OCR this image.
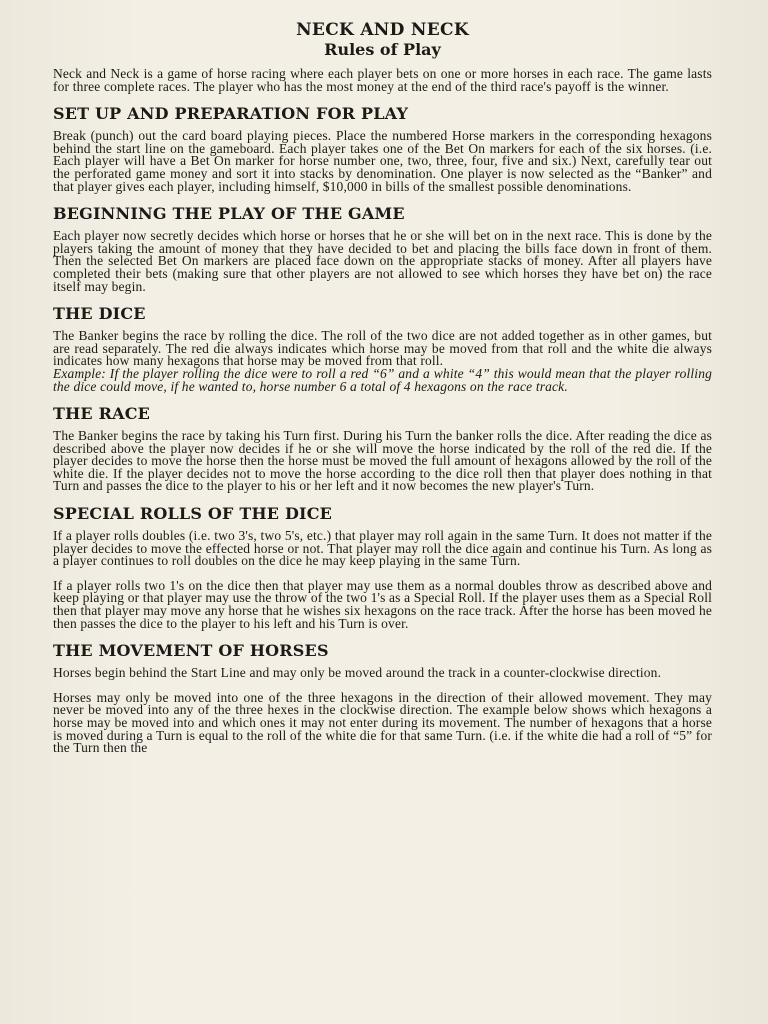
NECK AND NECK
Rules of Play

Neck and Neck is a game of horse racing where each player bets on one or more horses in each race. The game lasts for three complete races. The player who has the most money at the end of the third race's payoff is the winner.

SET UP AND PREPARATION FOR PLAY

Break (punch) out the card board playing pieces. Place the numbered Horse markers in the corresponding hexagons behind the start line on the gameboard. Each player takes one of the Bet On markers for each of the six horses. (i.e. Each player will have a Bet On marker for horse number one, two, three, four, five and six.) Next, carefully tear out the perforated game money and sort it into stacks by denomination. One player is now selected as the “Banker” and that player gives each player, including himself, $10,000 in bills of the smallest possible denominations.

BEGINNING THE PLAY OF THE GAME

Each player now secretly decides which horse or horses that he or she will bet on in the next race. This is done by the players taking the amount of money that they have decided to bet and placing the bills face down in front of them. Then the selected Bet On markers are placed face down on the appropriate stacks of money. After all players have completed their bets (making sure that other players are not allowed to see which horses they have bet on) the race itself may begin.

THE DICE

The Banker begins the race by rolling the dice. The roll of the two dice are not added together as in other games, but are read separately. The red die always indicates which horse may be moved from that roll and the white die always indicates how many hexagons that horse may be moved from that roll.

Example: If the player rolling the dice were to roll a red “6” and a white “4” this would mean that the player rolling the dice could move, if he wanted to, horse number 6 a total of 4 hexagons on the race track.

THE RACE

The Banker begins the race by taking his Turn first. During his Turn the banker rolls the dice. After reading the dice as described above the player now decides if he or she will move the horse indicated by the roll of the red die. If the player decides to move the horse then the horse must be moved the full amount of hexagons allowed by the roll of the white die. If the player decides not to move the horse according to the dice roll then that player does nothing in that Turn and passes the dice to the player to his or her left and it now becomes the new player's Turn.

SPECIAL ROLLS OF THE DICE

If a player rolls doubles (i.e. two 3's, two 5's, etc.) that player may roll again in the same Turn. It does not matter if the player decides to move the effected horse or not. That player may roll the dice again and continue his Turn. As long as a player continues to roll doubles on the dice he may keep playing in the same Turn.

If a player rolls two 1's on the dice then that player may use them as a normal doubles throw as described above and keep playing or that player may use the throw of the two 1's as a Special Roll. If the player uses them as a Special Roll then that player may move any horse that he wishes six hexagons on the race track. After the horse has been moved he then passes the dice to the player to his left and his Turn is over.

THE MOVEMENT OF HORSES

Horses begin behind the Start Line and may only be moved around the track in a counter-clockwise direction.

Horses may only be moved into one of the three hexagons in the direction of their allowed movement. They may never be moved into any of the three hexes in the clockwise direction. The example below shows which hexagons a horse may be moved into and which ones it may not enter during its movement. The number of hexagons that a horse is moved during a Turn is equal to the roll of the white die for that same Turn. (i.e. if the white die had a roll of “5” for the Turn then the
